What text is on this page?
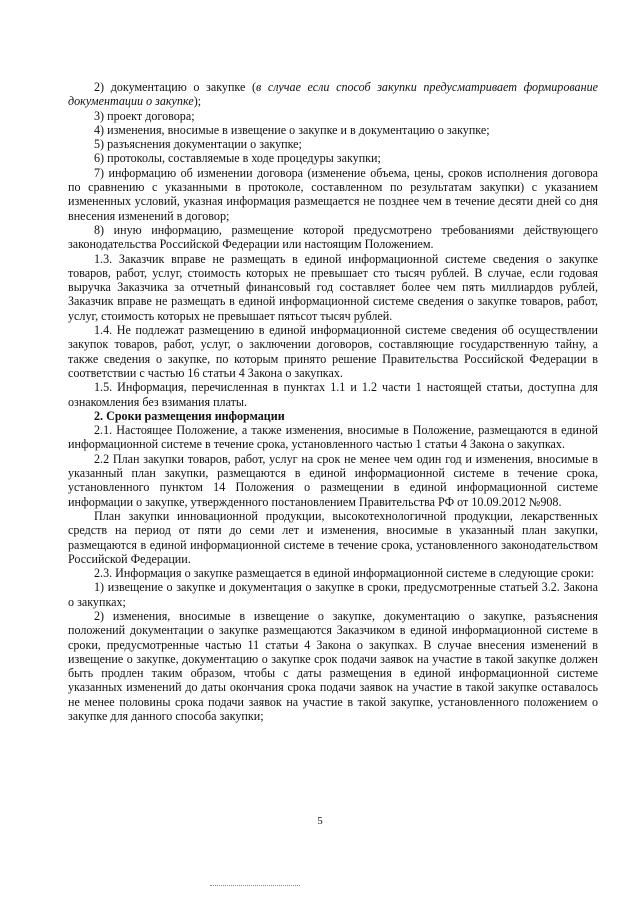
2) документацию о закупке (в случае если способ закупки предусматривает формирование документации о закупке);

3) проект договора;

4) изменения, вносимые в извещение о закупке и в документацию о закупке;

5) разъяснения документации о закупке;

6) протоколы, составляемые в ходе процедуры закупки;

7) информацию об изменении договора (изменение объема, цены, сроков исполнения договора по сравнению с указанными в протоколе, составленном по результатам закупки) с указанием измененных условий, указная информация размещается не позднее чем в течение десяти дней со дня внесения изменений в договор;

8) иную информацию, размещение которой предусмотрено требованиями действующего законодательства Российской Федерации или настоящим Положением.

1.3. Заказчик вправе не размещать в единой информационной системе сведения о закупке товаров, работ, услуг, стоимость которых не превышает сто тысяч рублей. В случае, если годовая выручка Заказчика за отчетный финансовый год составляет более чем пять миллиардов рублей, Заказчик вправе не размещать в единой информационной системе сведения о закупке товаров, работ, услуг, стоимость которых не превышает пятьсот тысяч рублей.

1.4. Не подлежат размещению в единой информационной системе сведения об осуществлении закупок товаров, работ, услуг, о заключении договоров, составляющие государственную тайну, а также сведения о закупке, по которым принято решение Правительства Российской Федерации в соответствии с частью 16 статьи 4 Закона о закупках.

1.5. Информация, перечисленная в пунктах 1.1 и 1.2 части 1 настоящей статьи, доступна для ознакомления без взимания платы.

2. Сроки размещения информации

2.1. Настоящее Положение, а также изменения, вносимые в Положение, размещаются в единой информационной системе в течение срока, установленного частью 1 статьи 4 Закона о закупках.

2.2 План закупки товаров, работ, услуг на срок не менее чем один год и изменения, вносимые в указанный план закупки, размещаются в единой информационной системе в течение срока, установленного пунктом 14 Положения о размещении в единой информационной системе информации о закупке, утвержденного постановлением Правительства РФ от 10.09.2012 №908.

План закупки инновационной продукции, высокотехнологичной продукции, лекарственных средств на период от пяти до семи лет и изменения, вносимые в указанный план закупки, размещаются в единой информационной системе в течение срока, установленного законодательством Российской Федерации.

2.3. Информация о закупке размещается в единой информационной системе в следующие сроки:

1) извещение о закупке и документация о закупке в сроки, предусмотренные статьей 3.2. Закона о закупках;

2) изменения, вносимые в извещение о закупке, документацию о закупке, разъяснения положений документации о закупке размещаются Заказчиком в единой информационной системе в сроки, предусмотренные частью 11 статьи 4 Закона о закупках. В случае внесения изменений в извещение о закупке, документацию о закупке срок подачи заявок на участие в такой закупке должен быть продлен таким образом, чтобы с даты размещения в единой информационной системе указанных изменений до даты окончания срока подачи заявок на участие в такой закупке оставалось не менее половины срока подачи заявок на участие в такой закупке, установленного положением о закупке для данного способа закупки;

5
